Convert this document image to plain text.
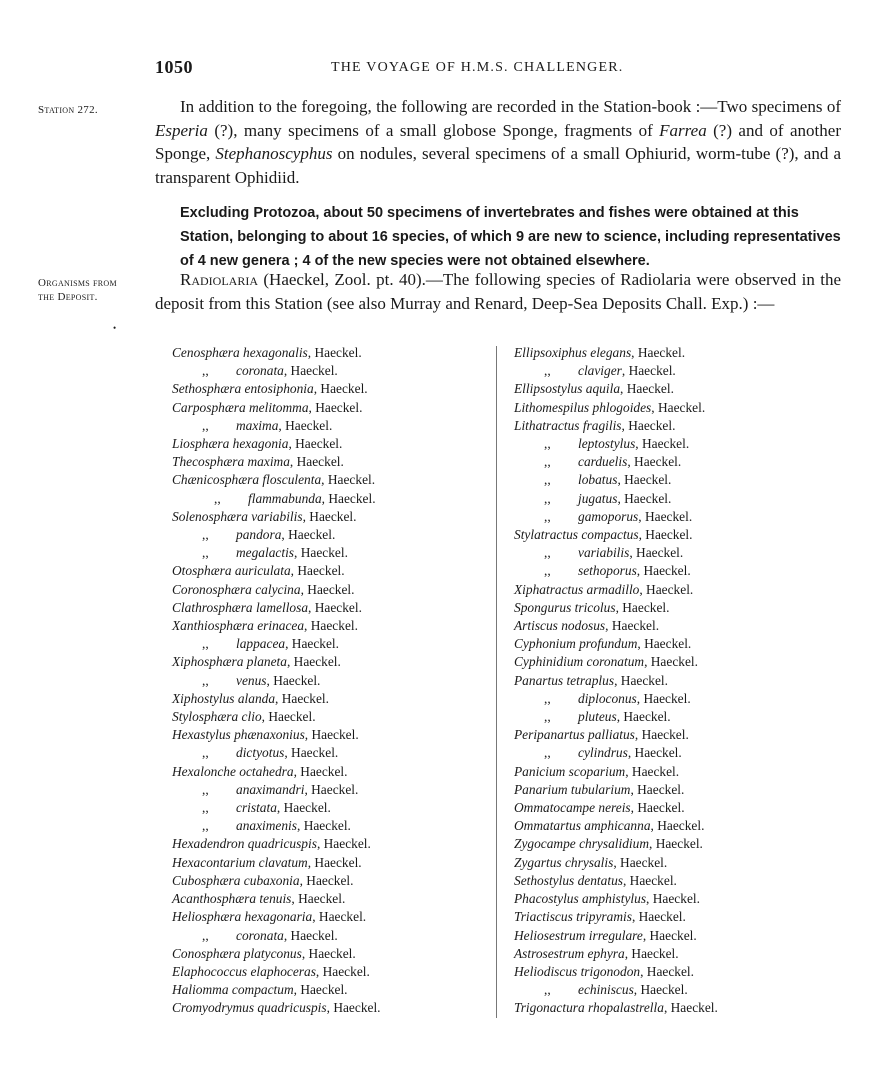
1050	THE VOYAGE OF H.M.S. CHALLENGER.
Station 272.	In addition to the foregoing, the following are recorded in the Station-book :—Two specimens of Esperia (?), many specimens of a small globose Sponge, fragments of Farrea (?) and of another Sponge, Stephanoscyphus on nodules, several specimens of a small Ophiurid, worm-tube (?), and a transparent Ophidiid.

Excluding Protozoa, about 50 specimens of invertebrates and fishes were obtained at this Station, belonging to about 16 species, of which 9 are new to science, including representatives of 4 new genera ; 4 of the new species were not obtained elsewhere.
Organisms from
the Deposit.
•

Radiolaria (Haeckel, Zool. pt. 40).—The following species of Radiolaria were observed in the deposit from this Station (see also Murray and Renard, Deep-Sea Deposits Chall. Exp.) :—

Cenosphæra hexagonalis, Haeckel.
,, coronata, Haeckel.
Sethosphæra entosiphonia, Haeckel.
Carposphæra melitomma, Haeckel.
,, maxima, Haeckel.
Liosphæra hexagonia, Haeckel.
Thecosphæra maxima, Haeckel.
Chænicosphæra flosculenta, Haeckel.
,, flammabunda, Haeckel.
Solenosphæra variabilis, Haeckel.
,, pandora, Haeckel.
,, megalactis, Haeckel.
Otosphæra auriculata, Haeckel.
Coronosphæra calycina, Haeckel.
Clathrosphæra lamellosa, Haeckel.
Xanthiosphæra erinacea, Haeckel.
,, lappacea, Haeckel.
Xiphosphæra planeta, Haeckel.
,, venus, Haeckel.
Xiphostylus alanda, Haeckel.
Stylosphæra clio, Haeckel.
Hexastylus phænaxonius, Haeckel.
,, dictyotus, Haeckel.
Hexalonche octahedra, Haeckel.
,, anaximandri, Haeckel.
,, cristata, Haeckel.
,, anaximenis, Haeckel.
Hexadendron quadricuspis, Haeckel.
Hexacontarium clavatum, Haeckel.
Cubosphæra cubaxonia, Haeckel.
Acanthosphæra tenuis, Haeckel.
Heliosphæra hexagonaria, Haeckel.
,, coronata, Haeckel.
Conosphæra platyconus, Haeckel.
Elaphococcus elaphoceras, Haeckel.
Haliomma compactum, Haeckel.
Cromyodrymus quadricuspis, Haeckel.
Ellipsoxiphus elegans, Haeckel.
,, claviger, Haeckel.
Ellipsostylus aquila, Haeckel.
Lithomespilus phlogoides, Haeckel.
Lithatractus fragilis, Haeckel.
,, leptostylus, Haeckel.
,, carduelis, Haeckel.
,, lobatus, Haeckel.
,, jugatus, Haeckel.
,, gamoporus, Haeckel.
Stylatractus compactus, Haeckel.
,, variabilis, Haeckel.
,, sethoporus, Haeckel.
Xiphatractus armadillo, Haeckel.
Spongurus tricolus, Haeckel.
Artiscus nodosus, Haeckel.
Cyphonium profundum, Haeckel.
Cyphinidium coronatum, Haeckel.
Panartus tetraplus, Haeckel.
,, diploconus, Haeckel.
,, pluteus, Haeckel.
Peripanartus palliatus, Haeckel.
,, cylindrus, Haeckel.
Panicium scoparium, Haeckel.
Panarium tubularium, Haeckel.
Ommatocampe nereis, Haeckel.
Ommatartus amphicanna, Haeckel.
Zygocampe chrysalidium, Haeckel.
Zygartus chrysalis, Haeckel.
Sethostylus dentatus, Haeckel.
Phacostylus amphistylus, Haeckel.
Triactiscus tripyramis, Haeckel.
Heliosestrum irregulare, Haeckel.
Astrosestrum ephyra, Haeckel.
Heliodiscus trigonodon, Haeckel.
,, echiniscus, Haeckel.
Trigonactura rhopalastrella, Haeckel.
